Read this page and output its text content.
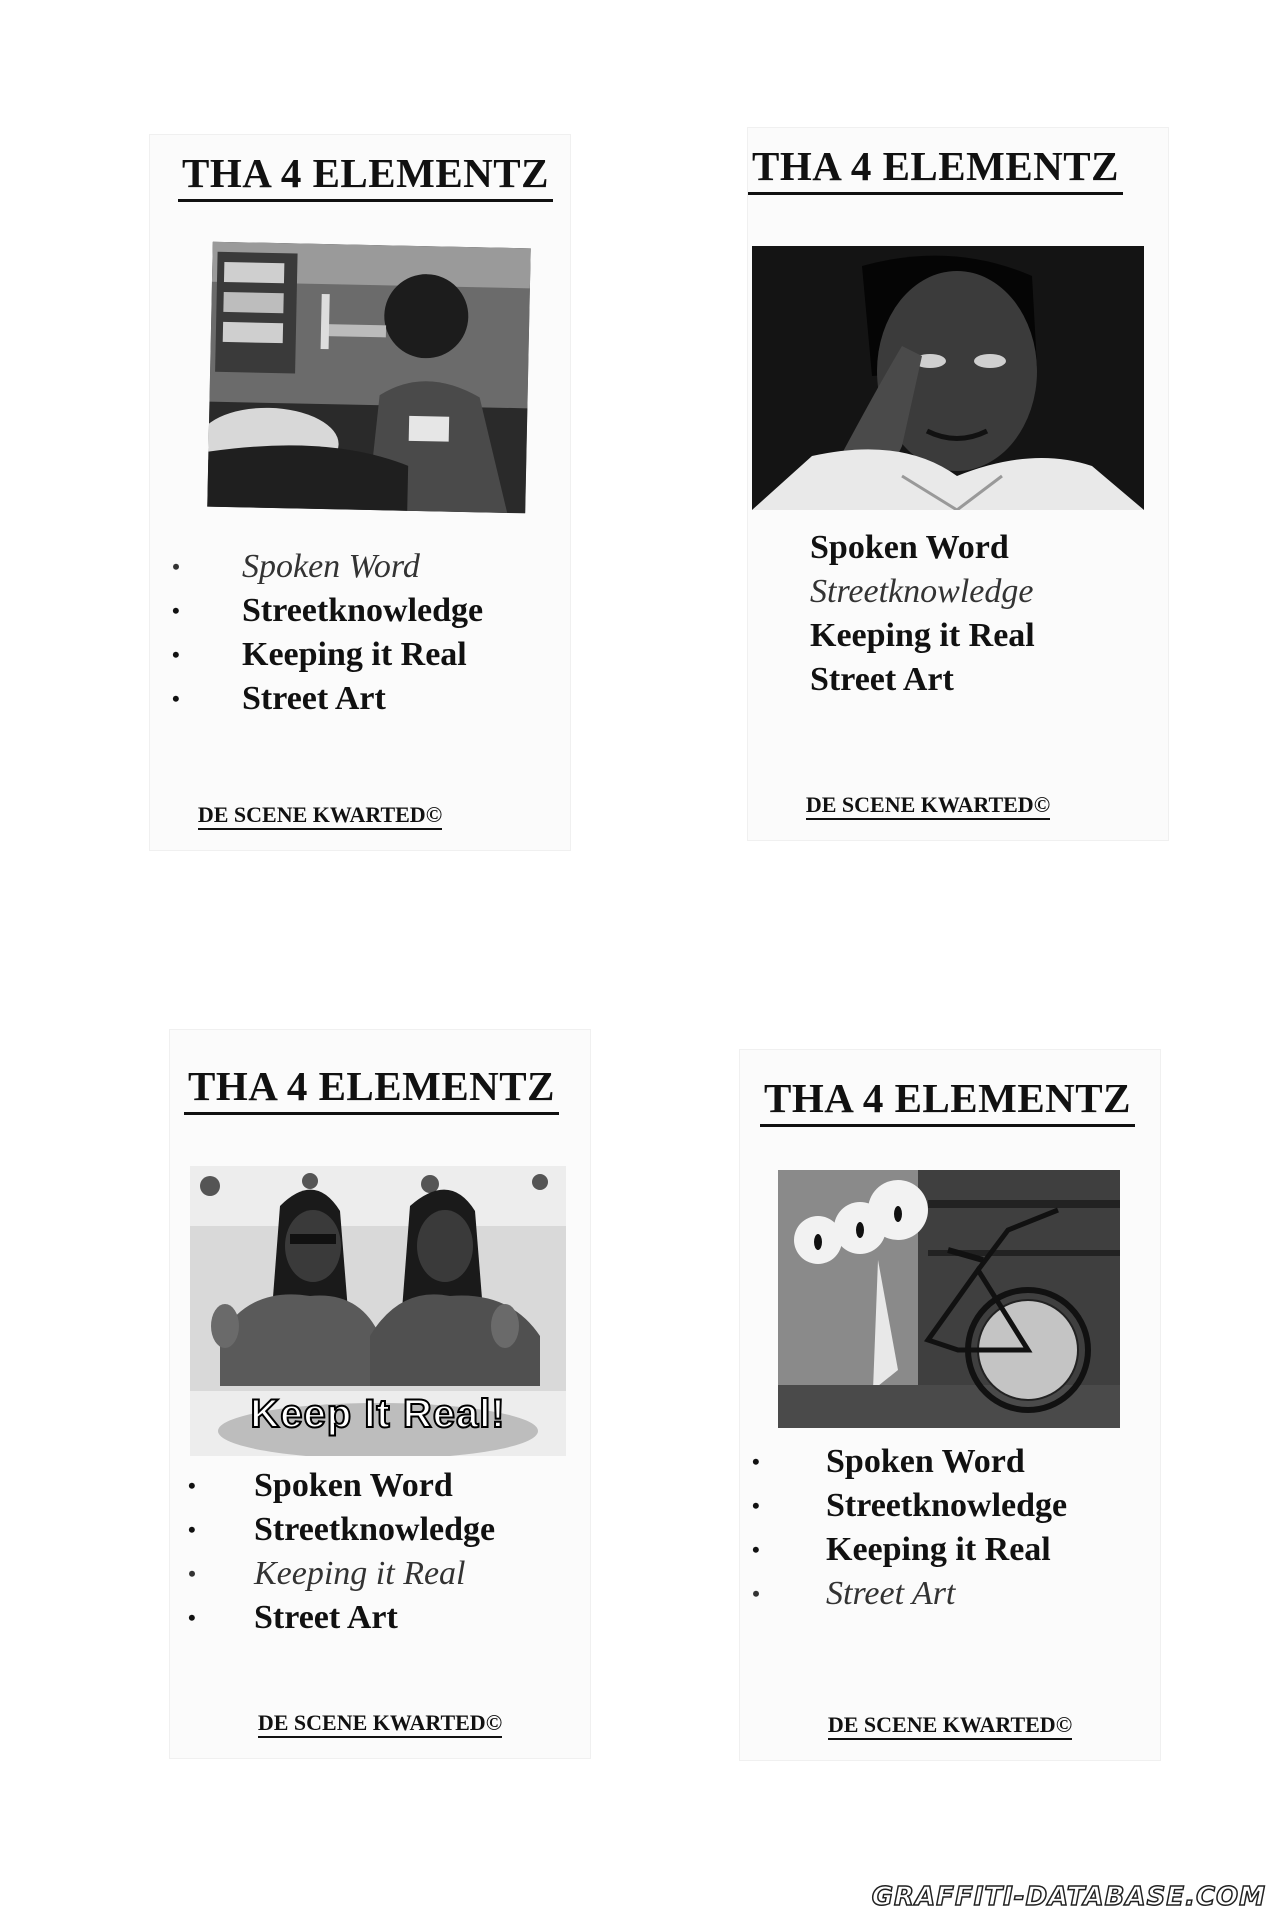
THA 4 ELEMENTZ
• Spoken Word
• Streetknowledge
• Keeping it Real
• Street Art
DE SCENE KWARTED©
THA 4 ELEMENTZ
Spoken Word
Streetknowledge
Keeping it Real
Street Art
DE SCENE KWARTED©
THA 4 ELEMENTZ
Keep It Real!
• Spoken Word
• Streetknowledge
• Keeping it Real
• Street Art
DE SCENE KWARTED©
THA 4 ELEMENTZ
• Spoken Word
• Streetknowledge
• Keeping it Real
• Street Art
DE SCENE KWARTED©
GRAFFITI-DATABASE.COM
